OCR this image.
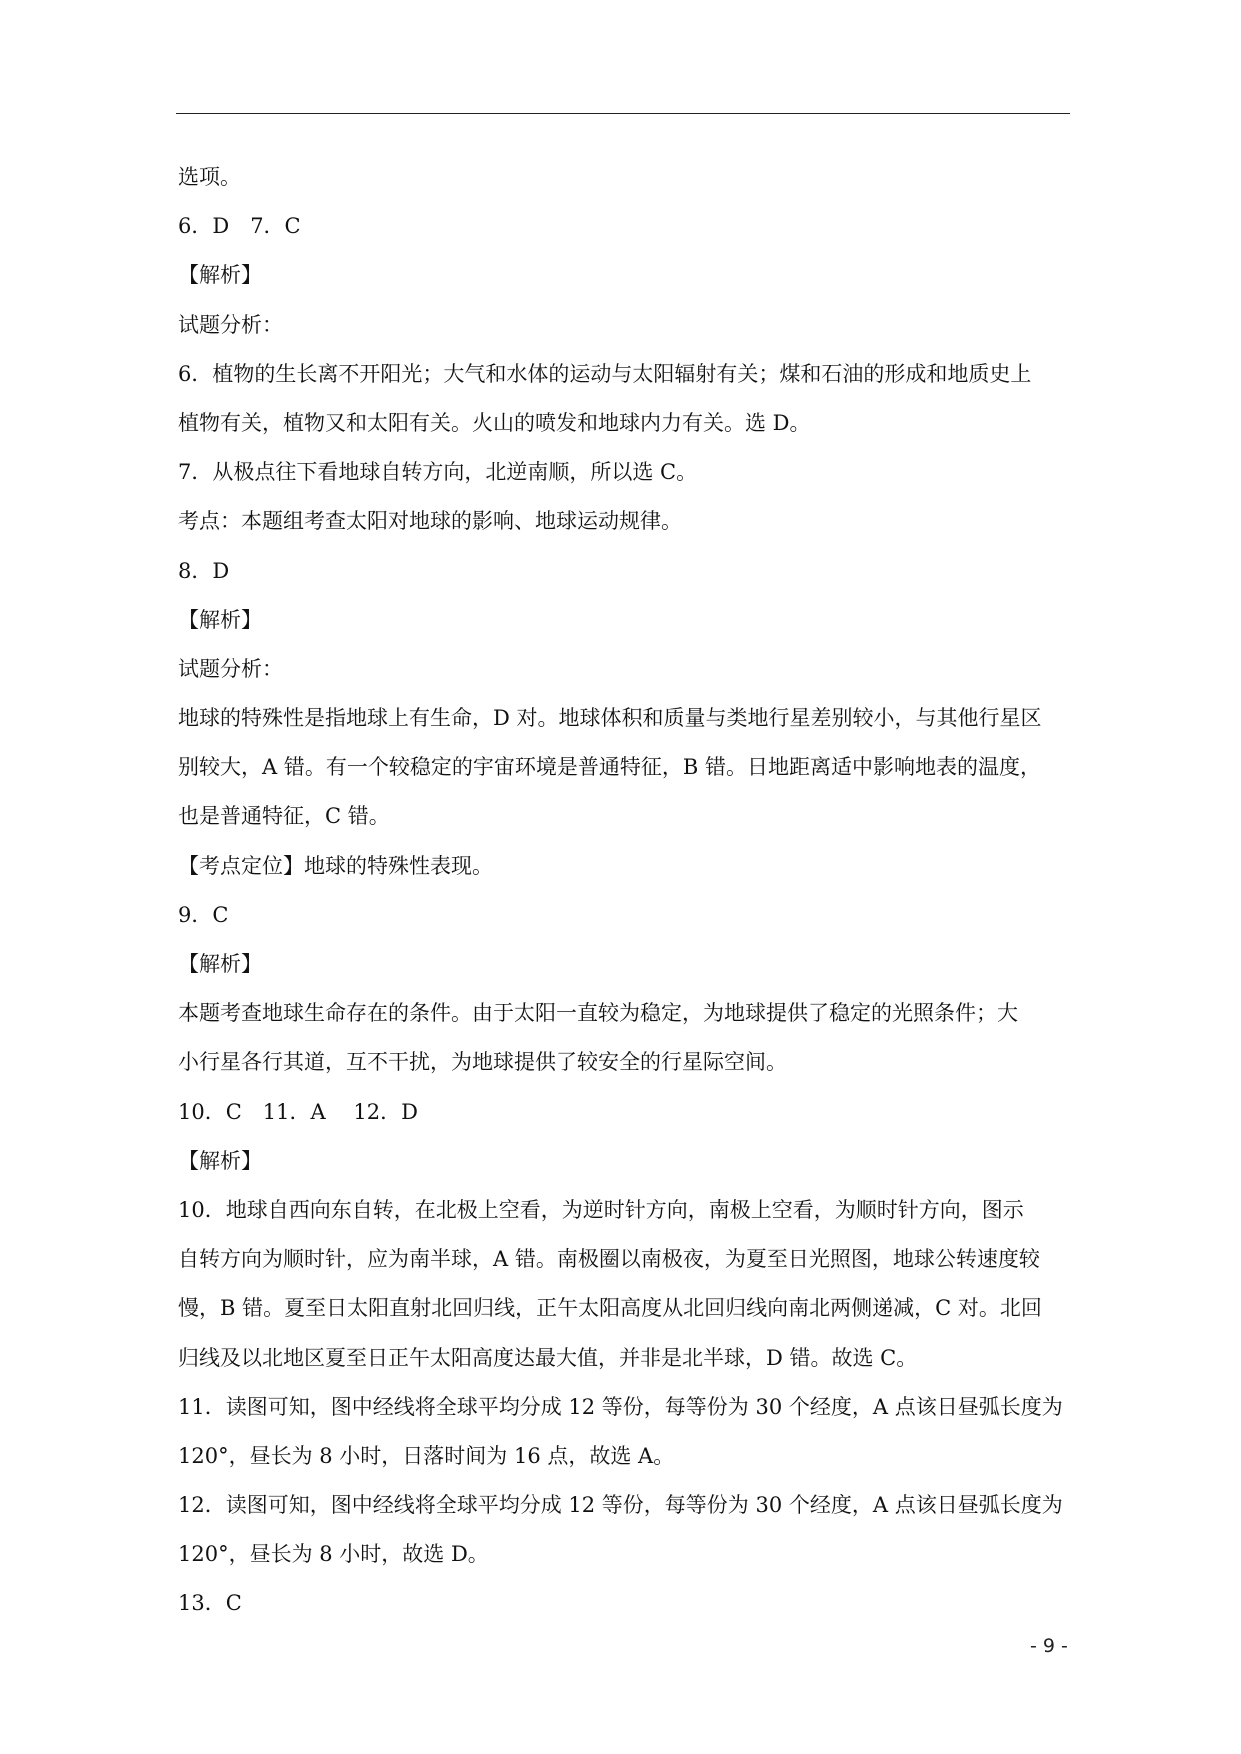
选项。
6．D　7．C
【解析】
试题分析：
6．植物的生长离不开阳光；大气和水体的运动与太阳辐射有关；煤和石油的形成和地质史上
植物有关，植物又和太阳有关。火山的喷发和地球内力有关。选 D。
7．从极点往下看地球自转方向，北逆南顺，所以选 C。
考点：本题组考查太阳对地球的影响、地球运动规律。
8．D
【解析】
试题分析：
地球的特殊性是指地球上有生命，D 对。地球体积和质量与类地行星差别较小，与其他行星区
别较大，A 错。有一个较稳定的宇宙环境是普通特征，B 错。日地距离适中影响地表的温度，
也是普通特征，C 错。
【考点定位】地球的特殊性表现。
9．C
【解析】
本题考查地球生命存在的条件。由于太阳一直较为稳定，为地球提供了稳定的光照条件；大
小行星各行其道，互不干扰，为地球提供了较安全的行星际空间。
10．C　11．A　 12．D
【解析】
10．地球自西向东自转，在北极上空看，为逆时针方向，南极上空看，为顺时针方向，图示
自转方向为顺时针，应为南半球，A 错。南极圈以南极夜，为夏至日光照图，地球公转速度较
慢，B 错。夏至日太阳直射北回归线，正午太阳高度从北回归线向南北两侧递减，C 对。北回
归线及以北地区夏至日正午太阳高度达最大值，并非是北半球，D 错。故选 C。
11．读图可知，图中经线将全球平均分成 12 等份，每等份为 30 个经度，A 点该日昼弧长度为
120°，昼长为 8 小时，日落时间为 16 点，故选 A。
12．读图可知，图中经线将全球平均分成 12 等份，每等份为 30 个经度，A 点该日昼弧长度为
120°，昼长为 8 小时，故选 D。
13．C
- 9 -
